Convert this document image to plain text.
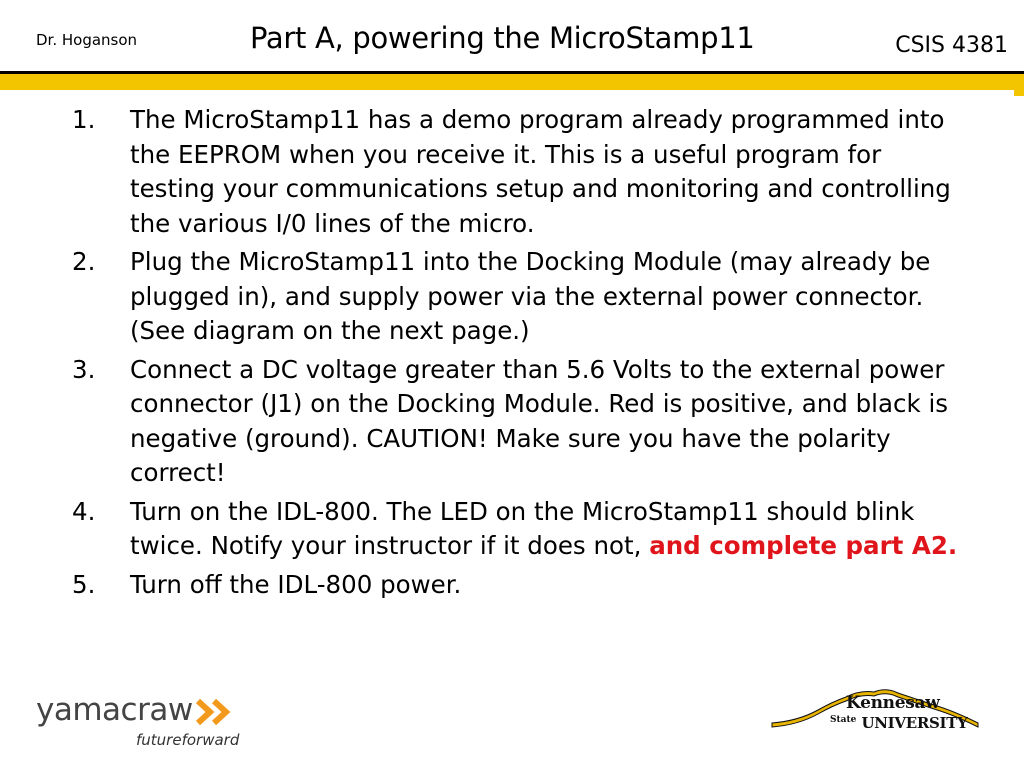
Dr. Hoganson	Part A, powering the MicroStamp11	CSIS 4381
1. The MicroStamp11 has a demo program already programmed into the EEPROM when you receive it. This is a useful program for testing your communications setup and monitoring and controlling the various I/0 lines of the micro.
2. Plug the MicroStamp11 into the Docking Module (may already be plugged in), and supply power via the external power connector. (See diagram on the next page.)
3. Connect a DC voltage greater than 5.6 Volts to the external power connector (J1) on the Docking Module. Red is positive, and black is negative (ground). CAUTION! Make sure you have the polarity correct!
4. Turn on the IDL-800. The LED on the MicroStamp11 should blink twice. Notify your instructor if it does not, and complete part A2.
5. Turn off the IDL-800 power.
yamacraw
futureforward
Kennesaw
$^{State}$ UNIVERSITY
